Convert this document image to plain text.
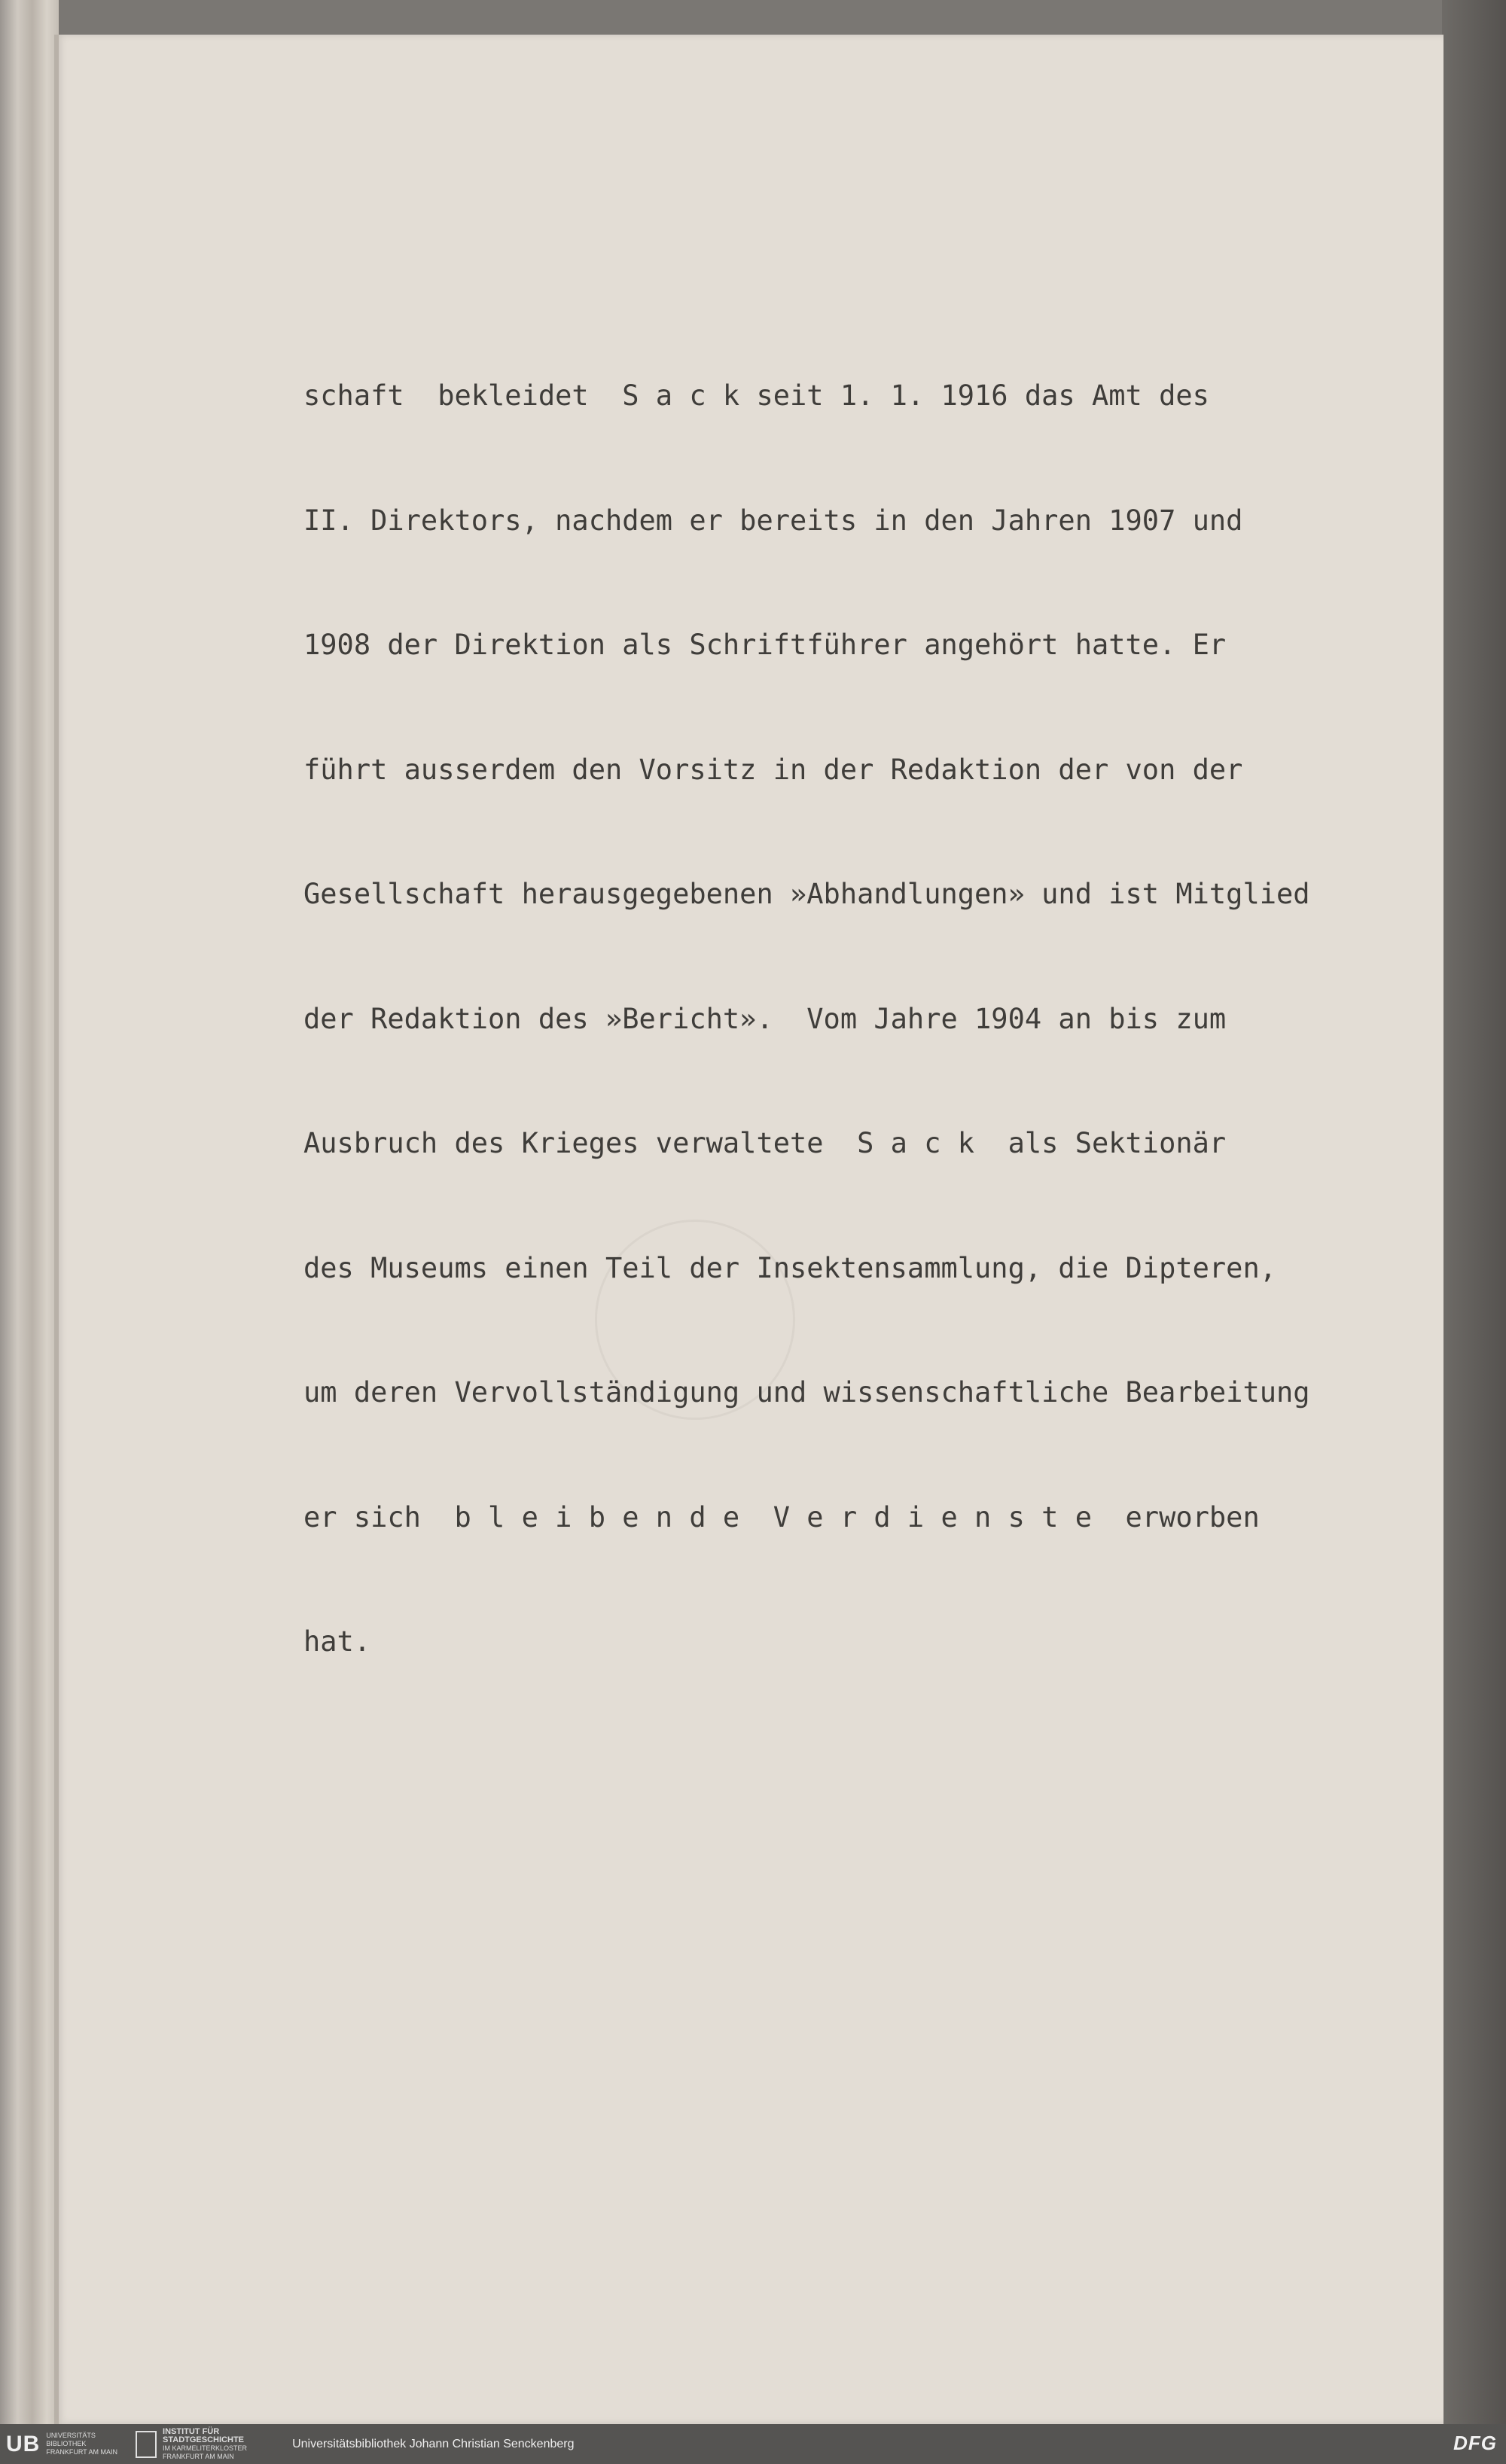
schaft  bekleidet  S a c k seit 1. 1. 1916 das Amt des

II. Direktors, nachdem er bereits in den Jahren 1907 und

1908 der Direktion als Schriftführer angehört hatte. Er

führt ausserdem den Vorsitz in der Redaktion der von der

Gesellschaft herausgegebenen »Abhandlungen» und ist Mitglied

der Redaktion des »Bericht».  Vom Jahre 1904 an bis zum

Ausbruch des Krieges verwaltete  S a c k  als Sektionär

des Museums einen Teil der Insektensammlung, die Dipteren,

um deren Vervollständigung und wissenschaftliche Bearbeitung

er sich  b l e i b e n d e  V e r d i e n s t e  erworben

hat.

UB UNIVERSITÄTS
BIBLIOTHEK
FRANKFURT AM MAIN
INSTITUT FÜR
STADTGESCHICHTE
IM KARMELITERKLOSTER
FRANKFURT AM MAIN
Universitätsbibliothek Johann Christian Senckenberg	DFG
